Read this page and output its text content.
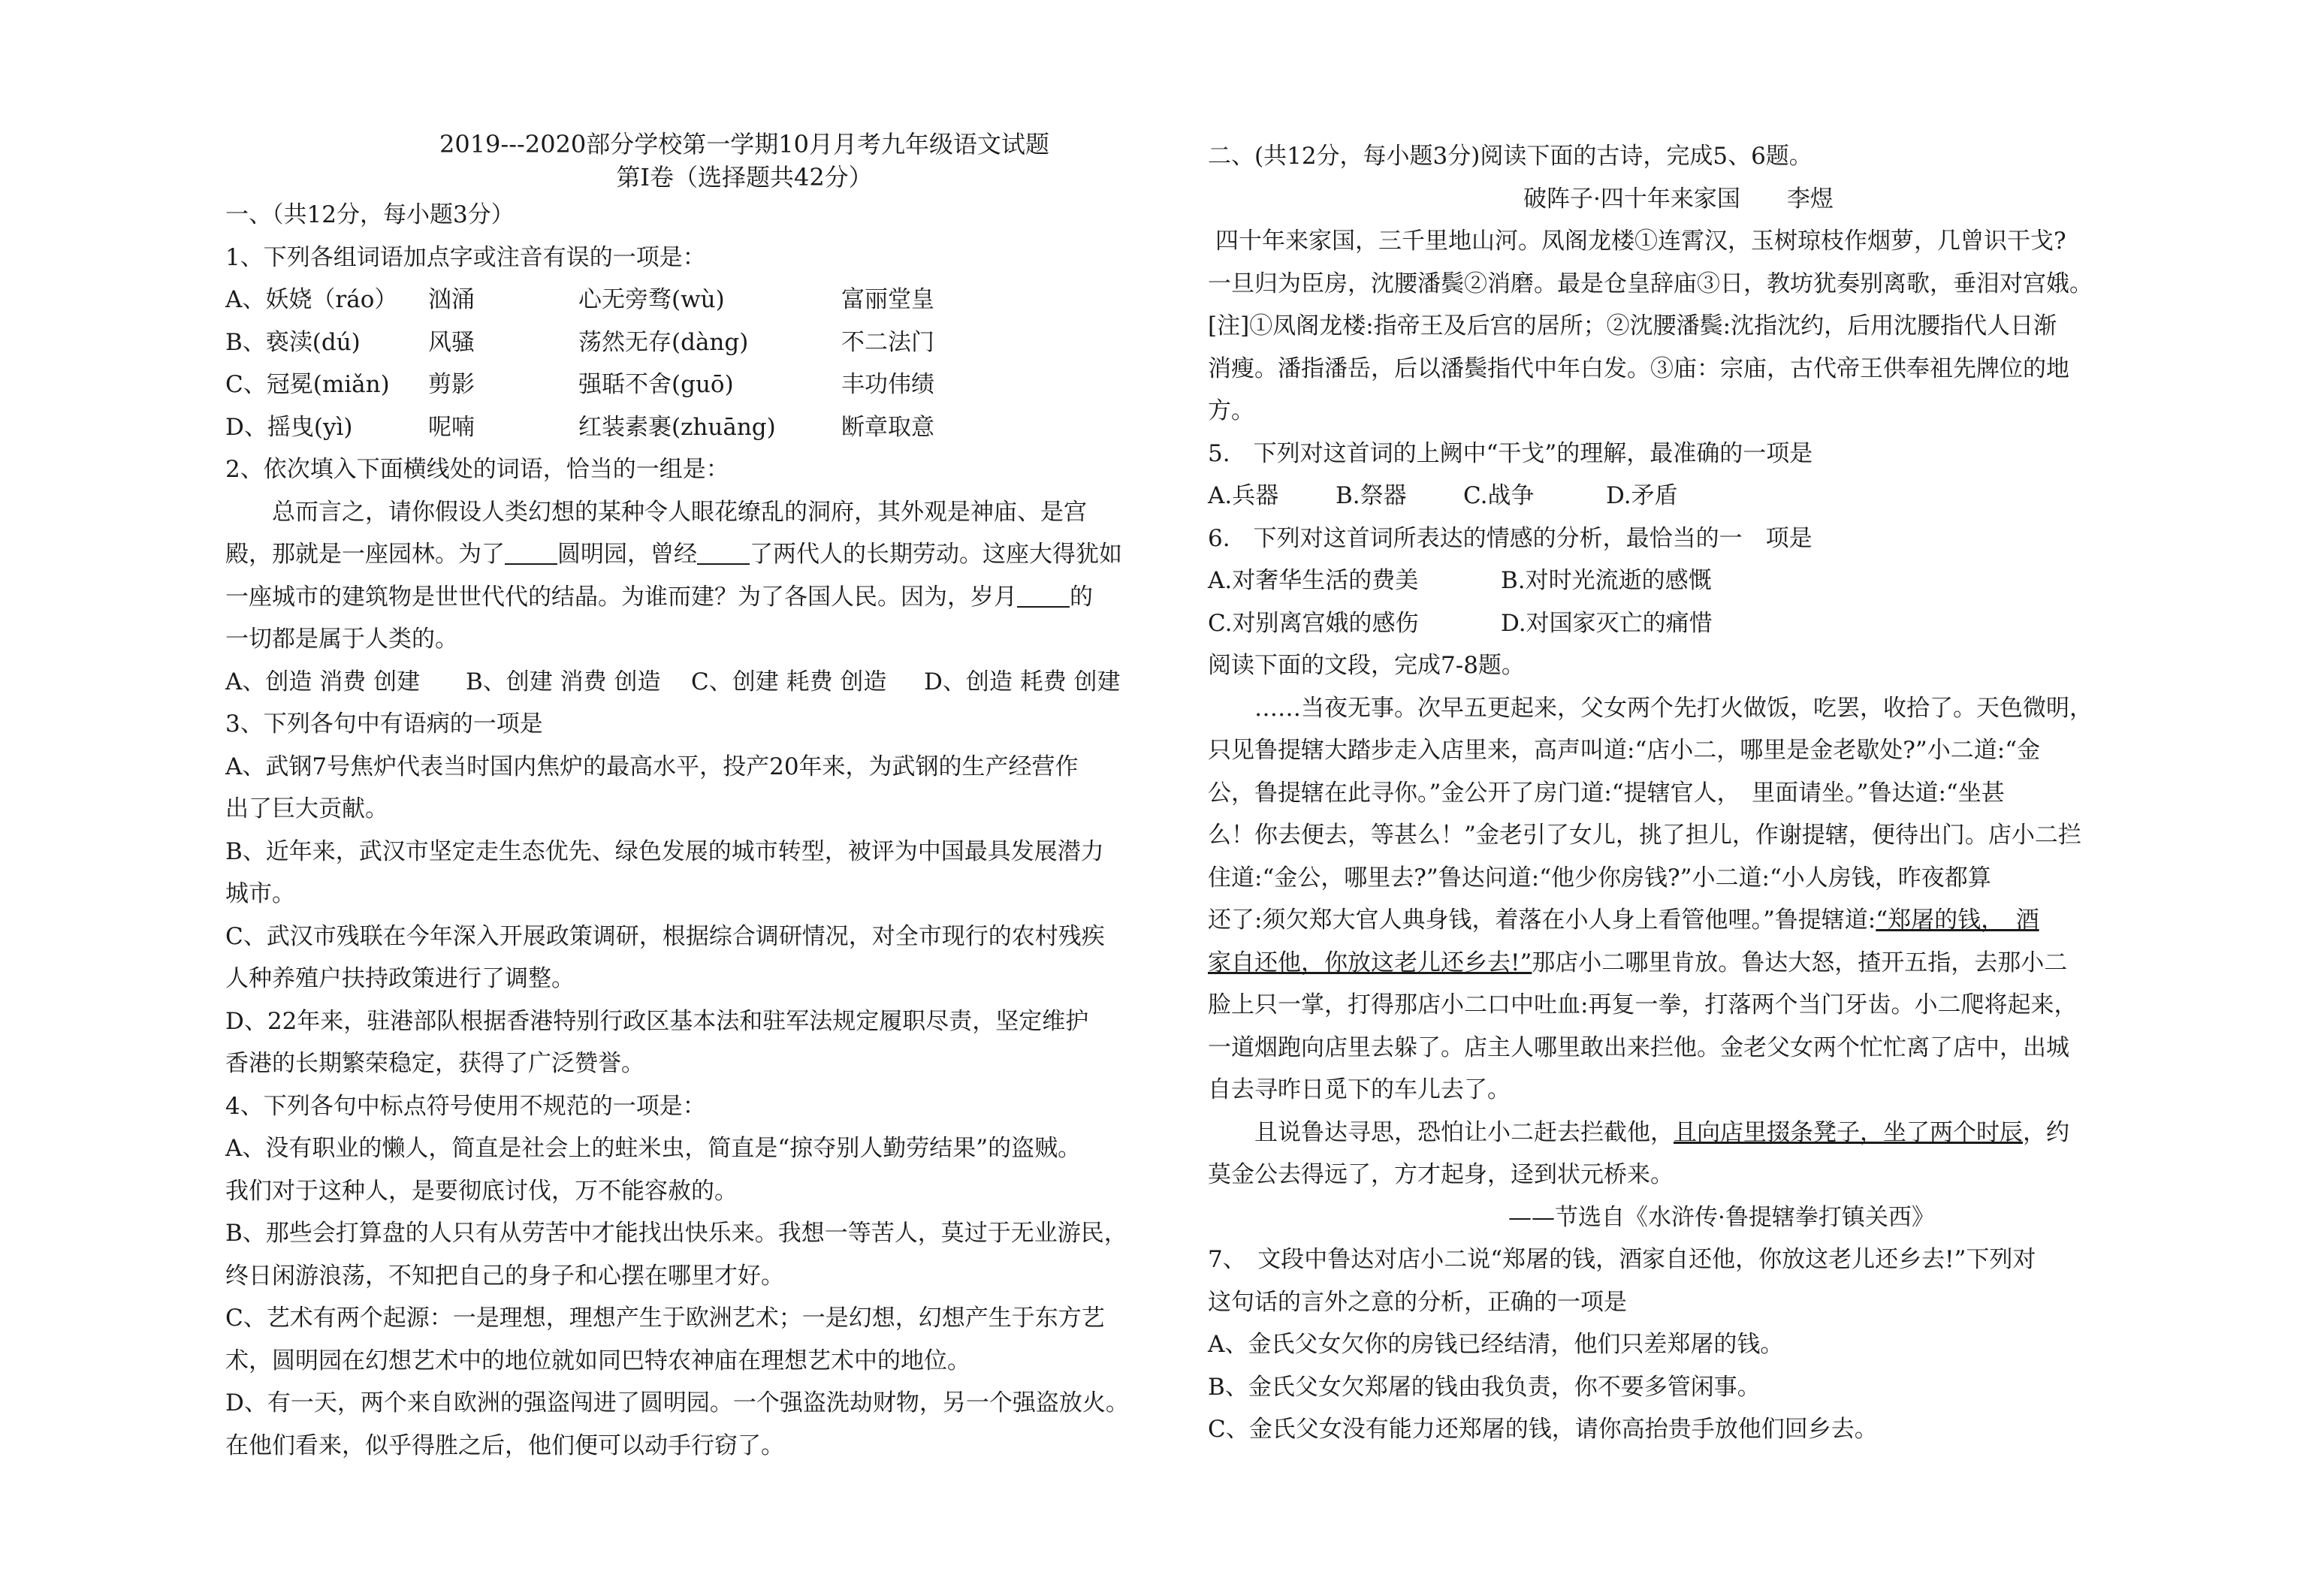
2019---2020部分学校第一学期10月月考九年级语文试题
第Ⅰ卷（选择题共42分）
一、（共12分，每小题3分）
1、下列各组词语加点字或注音有误的一项是：
A、妖娆（ráo）	汹涌	心无旁骛(wù)	富丽堂皇
B、亵渎(dú)	风骚	荡然无存(dàng)	不二法门
C、冠冕(miǎn)	剪影	强聒不舍(guō)	丰功伟绩
D、摇曳(yì)	呢喃	红装素裹(zhuāng)	断章取意
2、依次填入下面横线处的词语，恰当的一组是：
总而言之，请你假设人类幻想的某种令人眼花缭乱的洞府，其外观是神庙、是宫
殿，那就是一座园林。为了 圆明园，曾经 了两代人的长期劳动。这座大得犹如
一座城市的建筑物是世世代代的结晶。为谁而建？为了各国人民。因为，岁月 的
一切都是属于人类的。
A、创造 消费 创建	B、创建 消费 创造	C、创建 耗费 创造	D、创造 耗费 创建
3、下列各句中有语病的一项是
A、武钢7号焦炉代表当时国内焦炉的最高水平，投产20年来，为武钢的生产经营作
出了巨大贡献。
B、近年来，武汉市坚定走生态优先、绿色发展的城市转型，被评为中国最具发展潜力
城市。
C、武汉市残联在今年深入开展政策调研，根据综合调研情况，对全市现行的农村残疾
人种养殖户扶持政策进行了调整。
D、22年来，驻港部队根据香港特别行政区基本法和驻军法规定履职尽责，坚定维护
香港的长期繁荣稳定，获得了广泛赞誉。
4、下列各句中标点符号使用不规范的一项是：
A、没有职业的懒人，简直是社会上的蛀米虫，简直是“掠夺别人勤劳结果”的盗贼。
我们对于这种人，是要彻底讨伐，万不能容赦的。
B、那些会打算盘的人只有从劳苦中才能找出快乐来。我想一等苦人，莫过于无业游民，
终日闲游浪荡，不知把自己的身子和心摆在哪里才好。
C、艺术有两个起源：一是理想，理想产生于欧洲艺术；一是幻想，幻想产生于东方艺
术，圆明园在幻想艺术中的地位就如同巴特农神庙在理想艺术中的地位。
D、有一天，两个来自欧洲的强盗闯进了圆明园。一个强盗洗劫财物，另一个强盗放火。
在他们看来，似乎得胜之后，他们便可以动手行窃了。
二、(共12分，每小题3分)阅读下面的古诗，完成5、6题。
破阵子·四十年来家国　　李煜
四十年来家国，三千里地山河。凤阁龙楼①连霄汉，玉树琼枝作烟萝，几曾识干戈?
一旦归为臣房，沈腰潘鬓②消磨。最是仓皇辞庙③日，教坊犹奏别离歌，垂泪对宫娥。
[注]①凤阁龙楼:指帝王及后宫的居所；②沈腰潘鬓:沈指沈约，后用沈腰指代人日渐
消瘦。潘指潘岳，后以潘鬓指代中年白发。③庙：宗庙，古代帝王供奉祖先牌位的地
方。
5.　下列对这首词的上阙中“干戈”的理解，最准确的一项是
A.兵器	B.祭器	C.战争	D.矛盾
6.　下列对这首词所表达的情感的分析，最恰当的一　项是
A.对奢华生活的费美	B.对时光流逝的感慨
C.对别离宫娥的感伤	D.对国家灭亡的痛惜
阅读下面的文段，完成7-8题。
……当夜无事。次早五更起来，父女两个先打火做饭，吃罢，收拾了。天色微明，
只见鲁提辖大踏步走入店里来，高声叫道:“店小二，哪里是金老歇处?”小二道:“金
公，鲁提辖在此寻你。”金公开了房门道:“提辖官人，　里面请坐。”鲁达道:“坐甚
么！你去便去，等甚么！”金老引了女儿，挑了担儿，作谢提辖，便待出门。店小二拦
住道:“金公，哪里去?”鲁达问道:“他少你房钱?”小二道:“小人房钱，昨夜都算
还了:须欠郑大官人典身钱，着落在小人身上看管他哩。”鲁提辖道:“郑屠的钱，　酒
家自还他，你放这老儿还乡去!”那店小二哪里肯放。鲁达大怒，揸开五指，去那小二
脸上只一掌，打得那店小二口中吐血:再复一拳，打落两个当门牙齿。小二爬将起来，
一道烟跑向店里去躲了。店主人哪里敢出来拦他。金老父女两个忙忙离了店中，出城
自去寻昨日觅下的车儿去了。
且说鲁达寻思，恐怕让小二赶去拦截他，且向店里掇条凳子，坐了两个时辰，约
莫金公去得远了，方才起身，迳到状元桥来。
——节选自《水浒传·鲁提辖拳打镇关西》
7、　文段中鲁达对店小二说“郑屠的钱，酒家自还他，你放这老儿还乡去!”下列对
这句话的言外之意的分析，正确的一项是
A、金氏父女欠你的房钱已经结清，他们只差郑屠的钱。
B、金氏父女欠郑屠的钱由我负责，你不要多管闲事。
C、金氏父女没有能力还郑屠的钱，请你高抬贵手放他们回乡去。
